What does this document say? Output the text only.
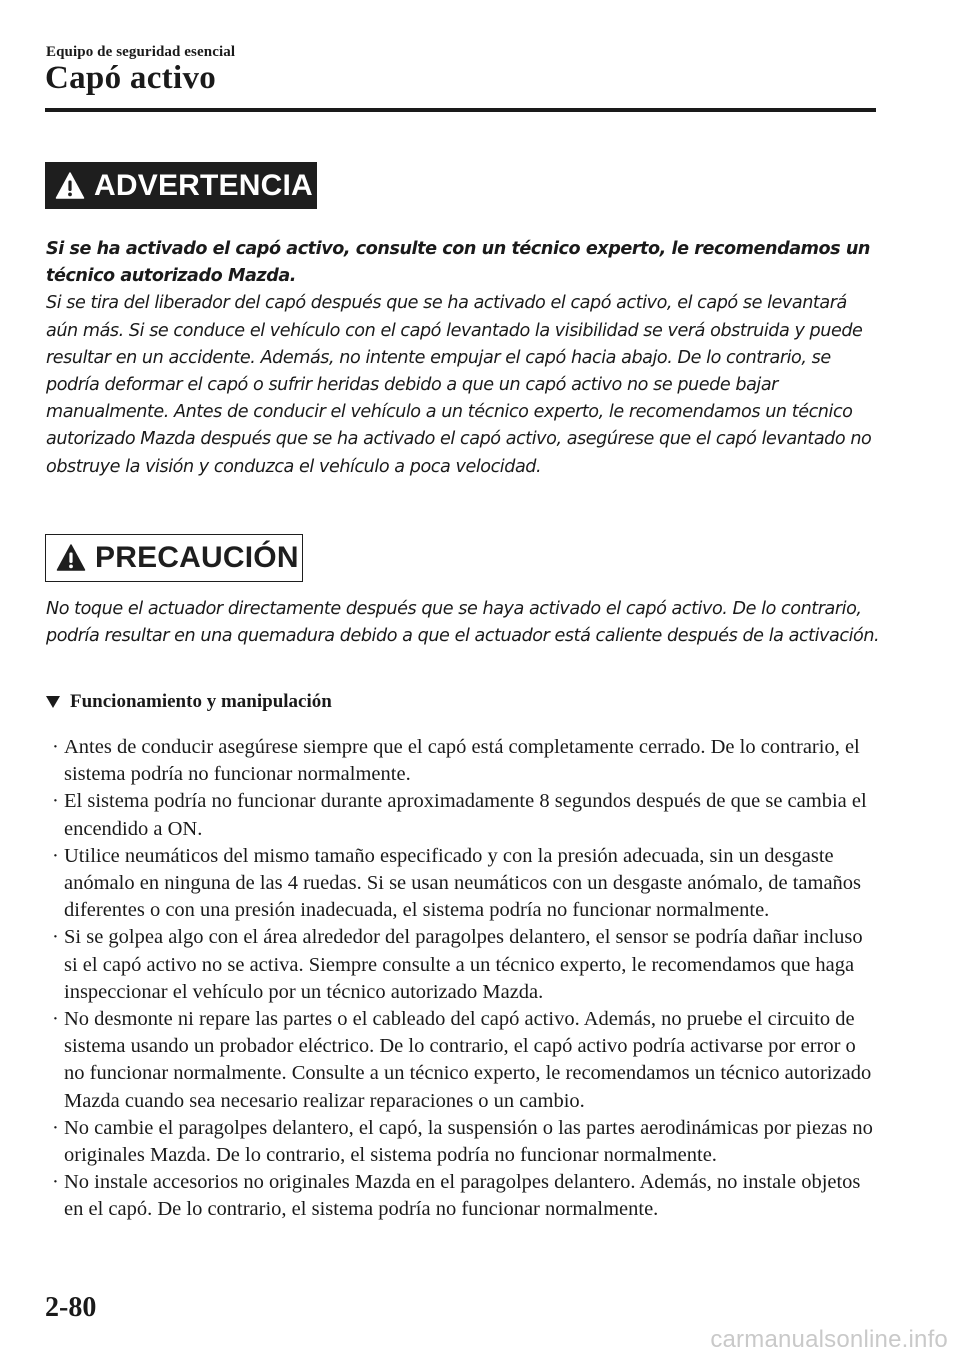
Equipo de seguridad esencial
Capó activo
ADVERTENCIA

Si se ha activado el capó activo, consulte con un técnico experto, le recomendamos un técnico autorizado Mazda.

Si se tira del liberador del capó después que se ha activado el capó activo, el capó se levantará aún más. Si se conduce el vehículo con el capó levantado la visibilidad se verá obstruida y puede resultar en un accidente. Además, no intente empujar el capó hacia abajo. De lo contrario, se podría deformar el capó o sufrir heridas debido a que un capó activo no se puede bajar manualmente. Antes de conducir el vehículo a un técnico experto, le recomendamos un técnico autorizado Mazda después que se ha activado el capó activo, asegúrese que el capó levantado no obstruye la visión y conduzca el vehículo a poca velocidad.

PRECAUCIÓN

No toque el actuador directamente después que se haya activado el capó activo. De lo contrario, podría resultar en una quemadura debido a que el actuador está caliente después de la activación.

Funcionamiento y manipulación
· Antes de conducir asegúrese siempre que el capó está completamente cerrado. De lo contrario, el sistema podría no funcionar normalmente.
· El sistema podría no funcionar durante aproximadamente 8 segundos después de que se cambia el encendido a ON.
· Utilice neumáticos del mismo tamaño especificado y con la presión adecuada, sin un desgaste anómalo en ninguna de las 4 ruedas. Si se usan neumáticos con un desgaste anómalo, de tamaños diferentes o con una presión inadecuada, el sistema podría no funcionar normalmente.
· Si se golpea algo con el área alrededor del paragolpes delantero, el sensor se podría dañar incluso si el capó activo no se activa. Siempre consulte a un técnico experto, le recomendamos que haga inspeccionar el vehículo por un técnico autorizado Mazda.
· No desmonte ni repare las partes o el cableado del capó activo. Además, no pruebe el circuito de sistema usando un probador eléctrico. De lo contrario, el capó activo podría activarse por error o no funcionar normalmente. Consulte a un técnico experto, le recomendamos un técnico autorizado Mazda cuando sea necesario realizar reparaciones o un cambio.
· No cambie el paragolpes delantero, el capó, la suspensión o las partes aerodinámicas por piezas no originales Mazda. De lo contrario, el sistema podría no funcionar normalmente.
· No instale accesorios no originales Mazda en el paragolpes delantero. Además, no instale objetos en el capó. De lo contrario, el sistema podría no funcionar normalmente.
2-80
carmanualsonline.info
